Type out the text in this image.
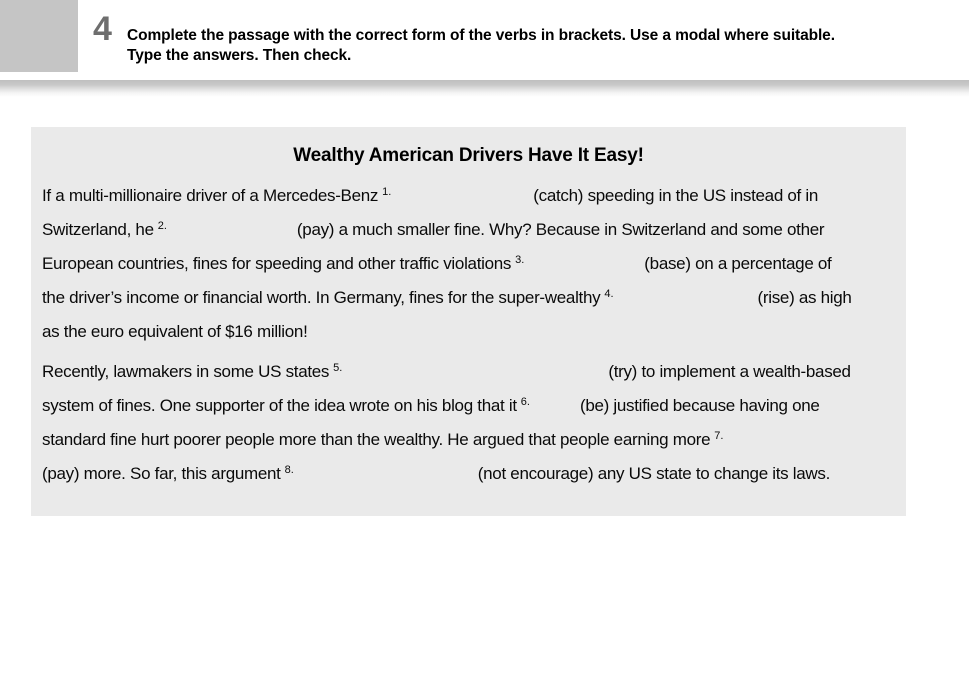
4 Complete the passage with the correct form of the verbs in brackets. Use a modal where suitable.
Type the answers. Then check.
Wealthy American Drivers Have It Easy!
If a multi-millionaire driver of a Mercedes-Benz $^{1.}$	(catch) speeding in the US instead of in
Switzerland, he $^{2.}$	(pay) a much smaller fine. Why? Because in Switzerland and some other
European countries, fines for speeding and other traffic violations $^{3.}$	(base) on a percentage of
the driver’s income or financial worth. In Germany, fines for the super-wealthy $^{4.}$	(rise) as high
as the euro equivalent of $16 million!
Recently, lawmakers in some US states $^{5.}$	(try) to implement a wealth-based
system of fines. One supporter of the idea wrote on his blog that it $^{6.}$	(be) justified because having one
standard fine hurt poorer people more than the wealthy. He argued that people earning more $^{7.}$
(pay) more. So far, this argument $^{8.}$	(not encourage) any US state to change its laws.
